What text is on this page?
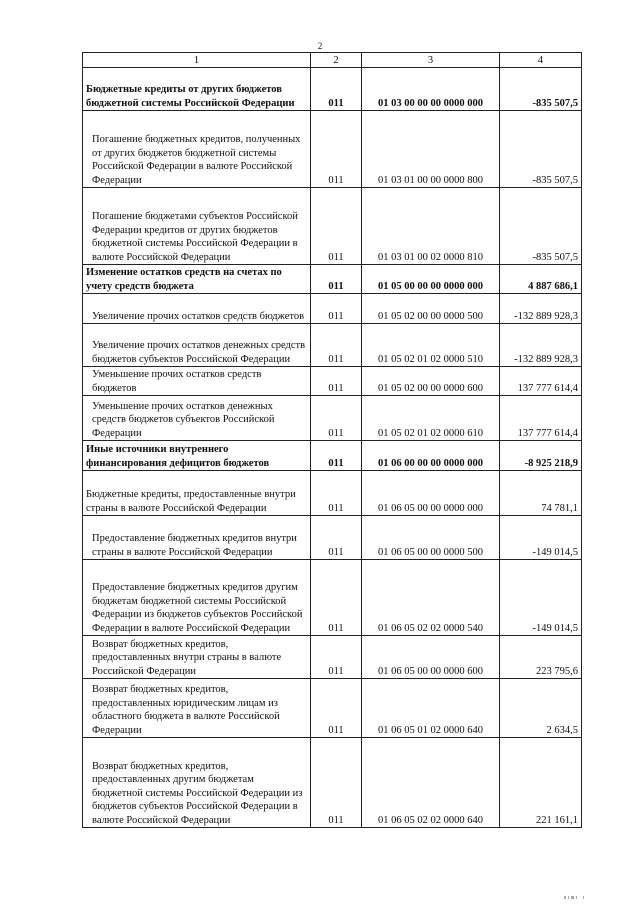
2
1	2	3	4
Бюджетные кредиты от других бюджетов бюджетной системы Российской Федерации	011	01 03 00 00 00 0000 000	-835 507,5
Погашение бюджетных кредитов, полученных от других бюджетов бюджетной системы Российской Федерации в валюте Российской Федерации	011	01 03 01 00 00 0000 800	-835 507,5
Погашение бюджетами субъектов Российской Федерации кредитов от других бюджетов бюджетной системы Российской Федерации в валюте Российской Федерации	011	01 03 01 00 02 0000 810	-835 507,5
Изменение остатков средств на счетах по учету средств бюджета	011	01 05 00 00 00 0000 000	4 887 686,1
Увеличение прочих остатков средств бюджетов	011	01 05 02 00 00 0000 500	-132 889 928,3
Увеличение прочих остатков денежных средств бюджетов субъектов Российской Федерации	011	01 05 02 01 02 0000 510	-132 889 928,3
Уменьшение прочих остатков средств бюджетов	011	01 05 02 00 00 0000 600	137 777 614,4
Уменьшение прочих остатков денежных средств бюджетов субъектов Российской Федерации	011	01 05 02 01 02 0000 610	137 777 614,4
Иные источники внутреннего финансирования дефицитов бюджетов	011	01 06 00 00 00 0000 000	-8 925 218,9
Бюджетные кредиты, предоставленные внутри страны в валюте Российской Федерации	011	01 06 05 00 00 0000 000	74 781,1
Предоставление бюджетных кредитов внутри страны в валюте Российской Федерации	011	01 06 05 00 00 0000 500	-149 014,5
Предоставление бюджетных кредитов другим бюджетам бюджетной системы Российской Федерации из бюджетов субъектов Российской Федерации в валюте Российской Федерации	011	01 06 05 02 02 0000 540	-149 014,5
Возврат бюджетных кредитов, предоставленных внутри страны в валюте Российской Федерации	011	01 06 05 00 00 0000 600	223 795,6
Возврат бюджетных кредитов, предоставленных юридическим лицам из областного бюджета в валюте Российской Федерации	011	01 06 05 01 02 0000 640	2 634,5
Возврат бюджетных кредитов, предоставленных другим бюджетам бюджетной системы Российской Федерации из бюджетов субъектов Российской Федерации в валюте Российской Федерации	011	01 06 05 02 02 0000 640	221 161,1
